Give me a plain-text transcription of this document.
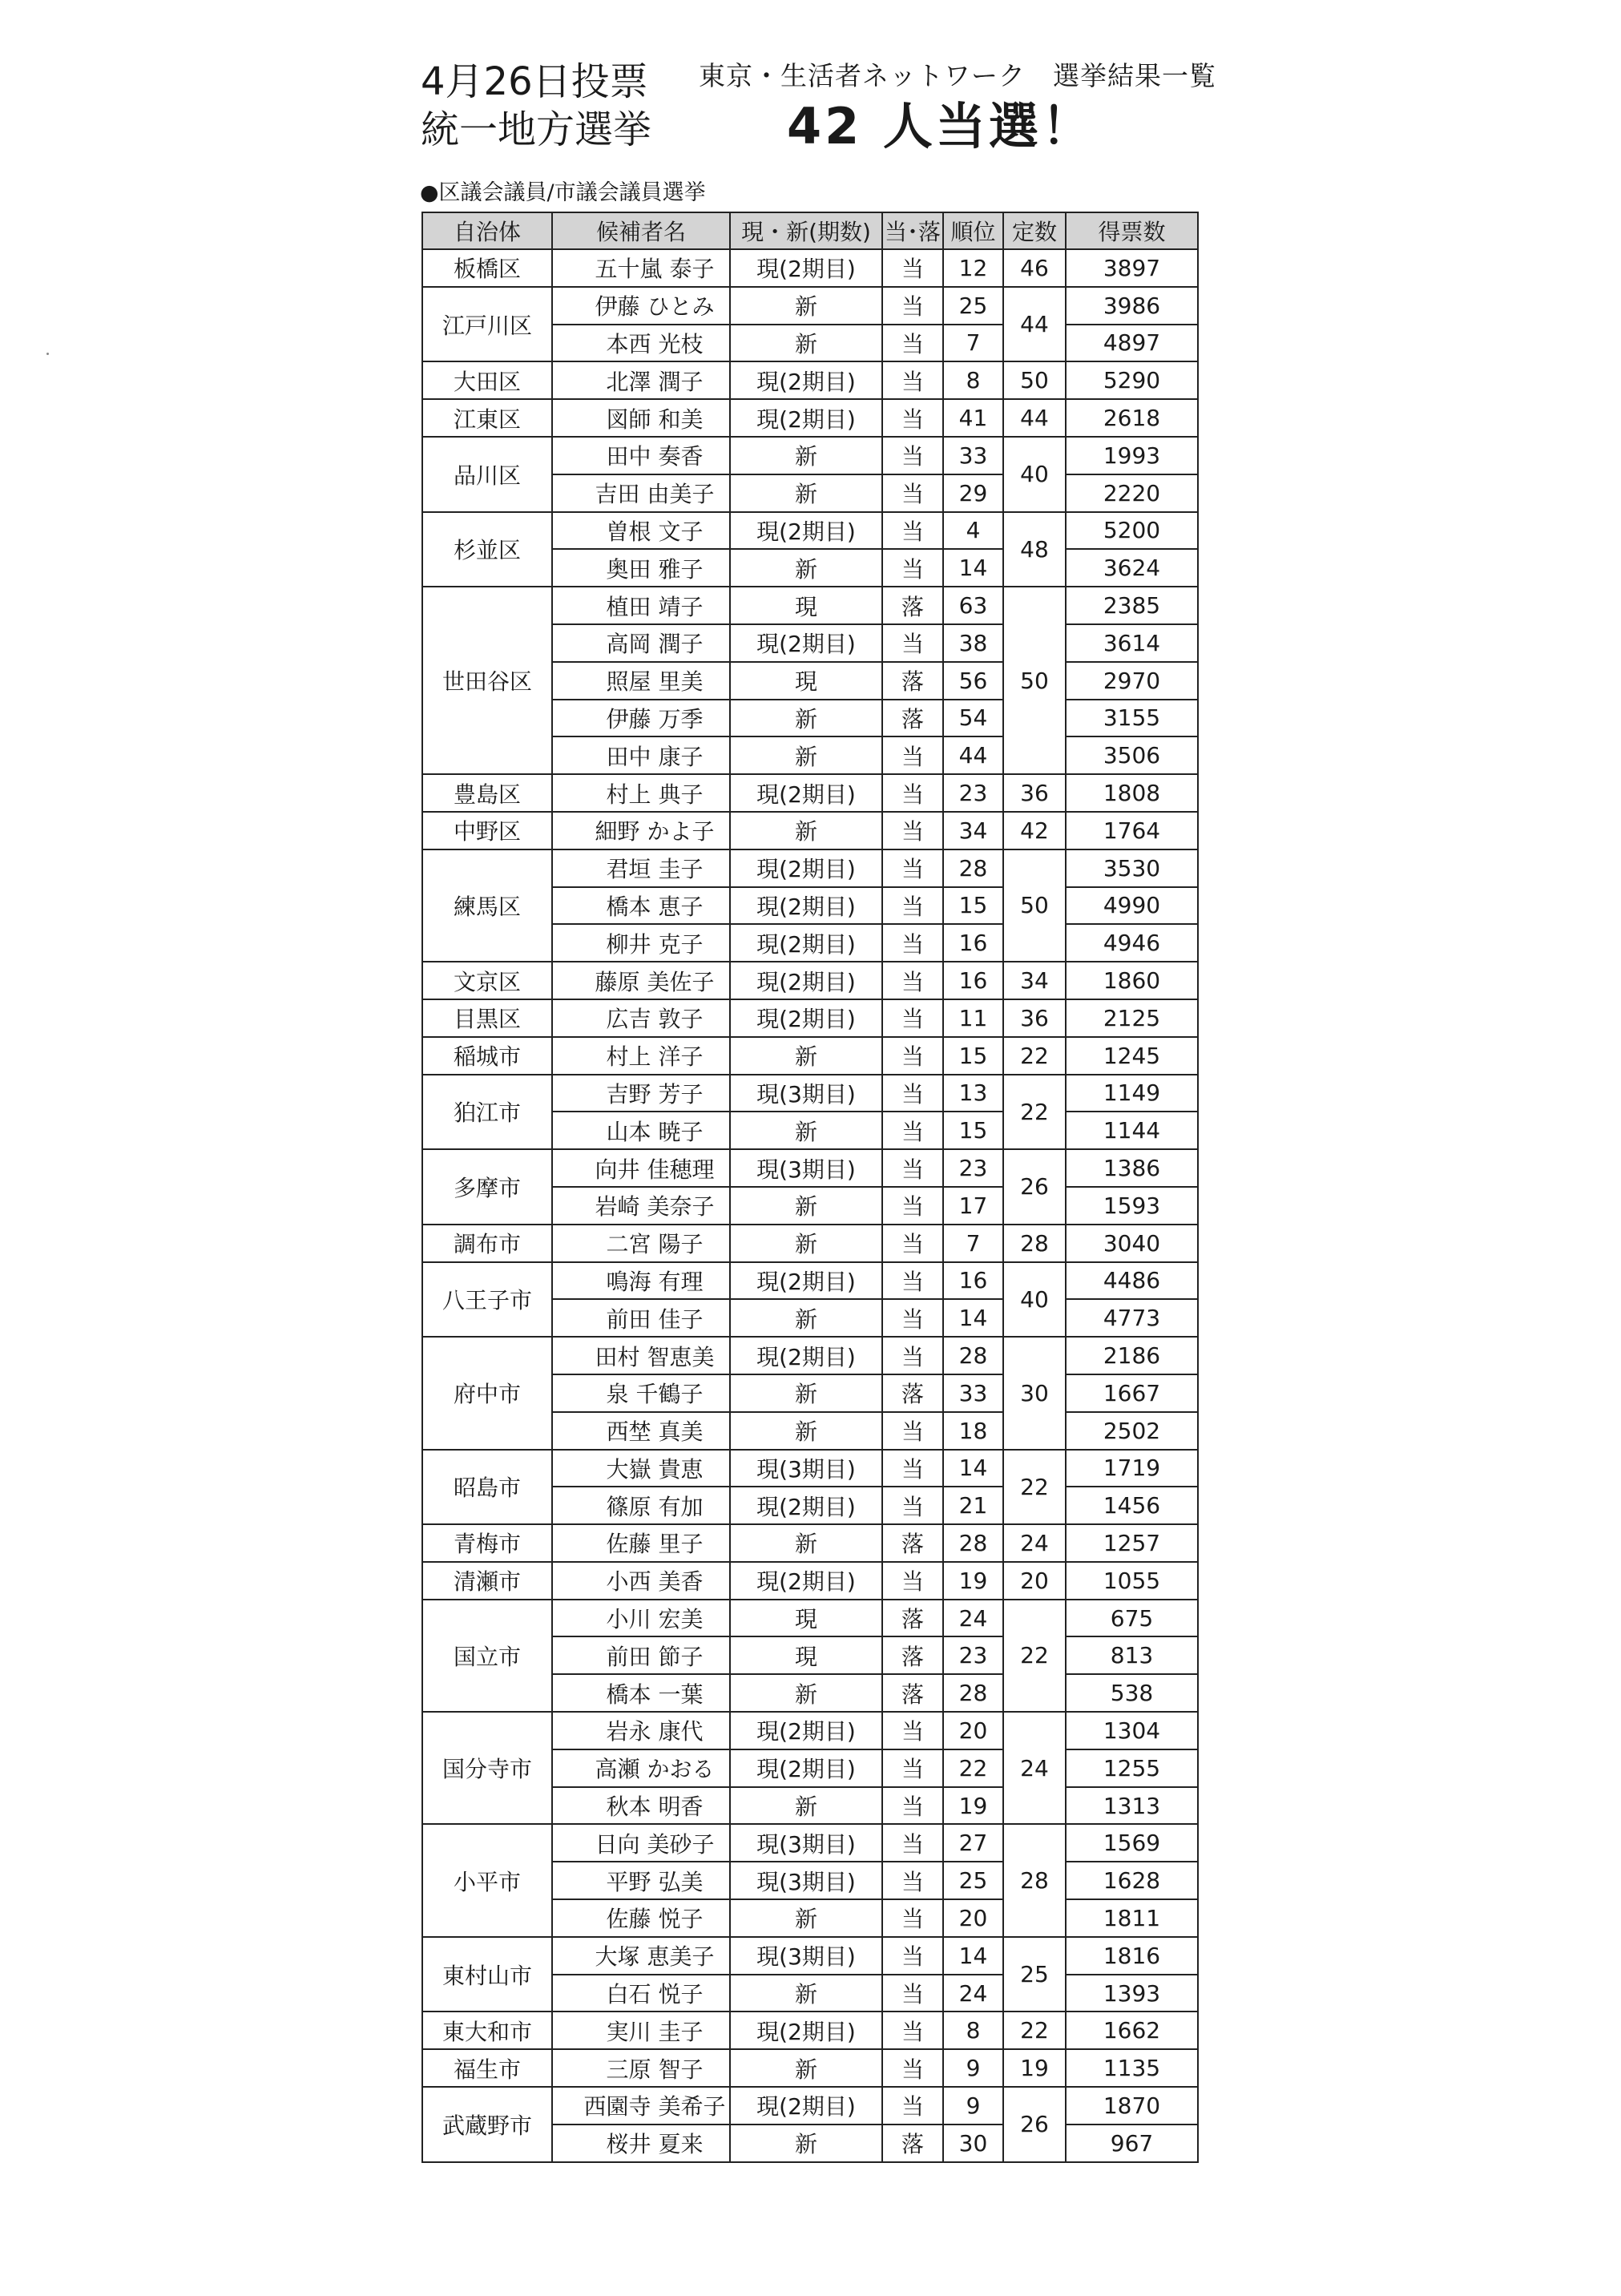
4月26日投票
統一地方選挙
東京・生活者ネットワーク　選挙結果一覧
42 人当選！
●区議会議員/市議会議員選挙
自治体	候補者名	現・新(期数)	当･落	順位	定数	得票数
板橋区	五十嵐 泰子	現(2期目)	当	12	46	3897
江戸川区	伊藤 ひとみ	新	当	25	44	3986
	本西 光枝	新	当	7		4897
大田区	北澤 潤子	現(2期目)	当	8	50	5290
江東区	図師 和美	現(2期目)	当	41	44	2618
品川区	田中 奏香	新	当	33	40	1993
	吉田 由美子	新	当	29		2220
杉並区	曽根 文子	現(2期目)	当	4	48	5200
	奥田 雅子	新	当	14		3624
世田谷区	植田 靖子	現	落	63	50	2385
	高岡 潤子	現(2期目)	当	38		3614
	照屋 里美	現	落	56		2970
	伊藤 万季	新	落	54		3155
	田中 康子	新	当	44		3506
豊島区	村上 典子	現(2期目)	当	23	36	1808
中野区	細野 かよ子	新	当	34	42	1764
練馬区	君垣 圭子	現(2期目)	当	28	50	3530
	橋本 恵子	現(2期目)	当	15		4990
	柳井 克子	現(2期目)	当	16		4946
文京区	藤原 美佐子	現(2期目)	当	16	34	1860
目黒区	広吉 敦子	現(2期目)	当	11	36	2125
稲城市	村上 洋子	新	当	15	22	1245
狛江市	吉野 芳子	現(3期目)	当	13	22	1149
	山本 暁子	新	当	15		1144
多摩市	向井 佳穂理	現(3期目)	当	23	26	1386
	岩崎 美奈子	新	当	17		1593
調布市	二宮 陽子	新	当	7	28	3040
八王子市	鳴海 有理	現(2期目)	当	16	40	4486
	前田 佳子	新	当	14		4773
府中市	田村 智恵美	現(2期目)	当	28	30	2186
	泉 千鶴子	新	落	33		1667
	西埜 真美	新	当	18		2502
昭島市	大嶽 貴恵	現(3期目)	当	14	22	1719
	篠原 有加	現(2期目)	当	21		1456
青梅市	佐藤 里子	新	落	28	24	1257
清瀬市	小西 美香	現(2期目)	当	19	20	1055
国立市	小川 宏美	現	落	24	22	675
	前田 節子	現	落	23		813
	橋本 一葉	新	落	28		538
国分寺市	岩永 康代	現(2期目)	当	20	24	1304
	高瀬 かおる	現(2期目)	当	22		1255
	秋本 明香	新	当	19		1313
小平市	日向 美砂子	現(3期目)	当	27	28	1569
	平野 弘美	現(3期目)	当	25		1628
	佐藤 悦子	新	当	20		1811
東村山市	大塚 恵美子	現(3期目)	当	14	25	1816
	白石 悦子	新	当	24		1393
東大和市	実川 圭子	現(2期目)	当	8	22	1662
福生市	三原 智子	新	当	9	19	1135
武蔵野市	西園寺 美希子	現(2期目)	当	9	26	1870
	桜井 夏来	新	落	30		967
